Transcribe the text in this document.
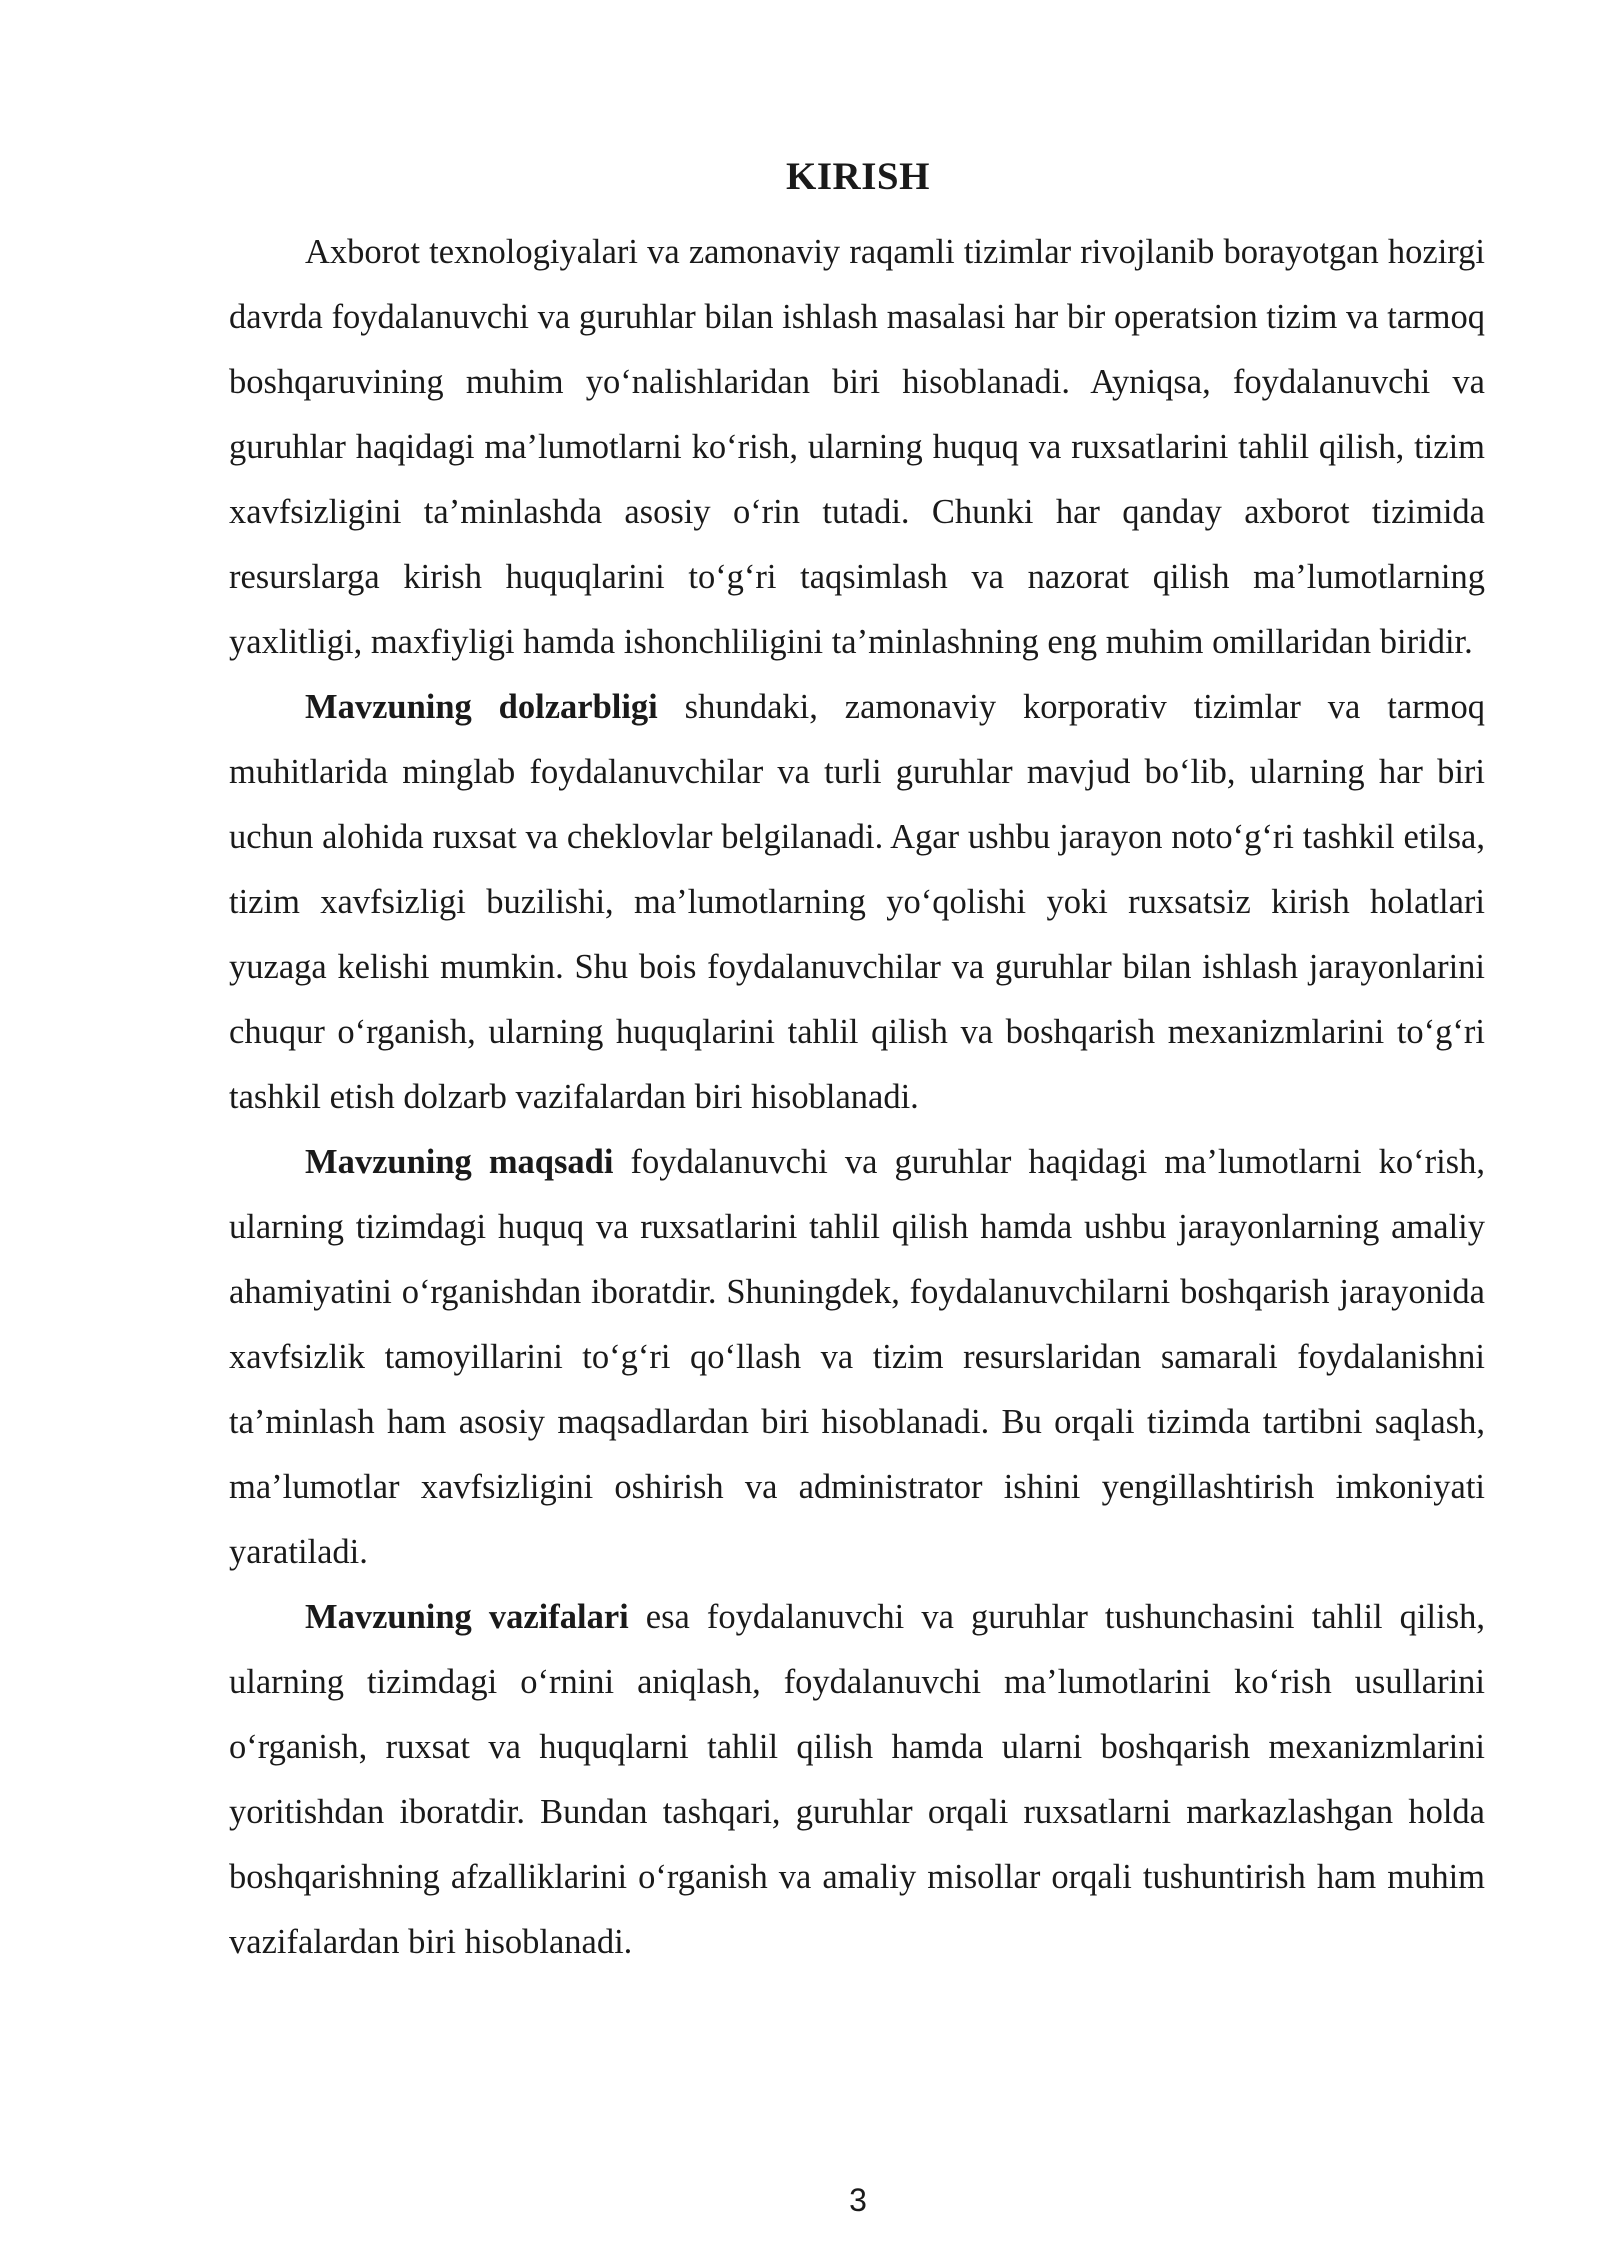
KIRISH

Axborot texnologiyalari va zamonaviy raqamli tizimlar rivojlanib borayotgan hozirgi davrda foydalanuvchi va guruhlar bilan ishlash masalasi har bir operatsion tizim va tarmoq boshqaruvining muhim yo‘nalishlaridan biri hisoblanadi. Ayniqsa, foydalanuvchi va guruhlar haqidagi ma’lumotlarni ko‘rish, ularning huquq va ruxsatlarini tahlil qilish, tizim xavfsizligini ta’minlashda asosiy o‘rin tutadi. Chunki har qanday axborot tizimida resurslarga kirish huquqlarini to‘g‘ri taqsimlash va nazorat qilish ma’lumotlarning yaxlitligi, maxfiyligi hamda ishonchliligini ta’minlashning eng muhim omillaridan biridir.

Mavzuning dolzarbligi shundaki, zamonaviy korporativ tizimlar va tarmoq muhitlarida minglab foydalanuvchilar va turli guruhlar mavjud bo‘lib, ularning har biri uchun alohida ruxsat va cheklovlar belgilanadi. Agar ushbu jarayon noto‘g‘ri tashkil etilsa, tizim xavfsizligi buzilishi, ma’lumotlarning yo‘qolishi yoki ruxsatsiz kirish holatlari yuzaga kelishi mumkin. Shu bois foydalanuvchilar va guruhlar bilan ishlash jarayonlarini chuqur o‘rganish, ularning huquqlarini tahlil qilish va boshqarish mexanizmlarini to‘g‘ri tashkil etish dolzarb vazifalardan biri hisoblanadi.

Mavzuning maqsadi foydalanuvchi va guruhlar haqidagi ma’lumotlarni ko‘rish, ularning tizimdagi huquq va ruxsatlarini tahlil qilish hamda ushbu jarayonlarning amaliy ahamiyatini o‘rganishdan iboratdir. Shuningdek, foydalanuvchilarni boshqarish jarayonida xavfsizlik tamoyillarini to‘g‘ri qo‘llash va tizim resurslaridan samarali foydalanishni ta’minlash ham asosiy maqsadlardan biri hisoblanadi. Bu orqali tizimda tartibni saqlash, ma’lumotlar xavfsizligini oshirish va administrator ishini yengillashtirish imkoniyati yaratiladi.

Mavzuning vazifalari esa foydalanuvchi va guruhlar tushunchasini tahlil qilish, ularning tizimdagi o‘rnini aniqlash, foydalanuvchi ma’lumotlarini ko‘rish usullarini o‘rganish, ruxsat va huquqlarni tahlil qilish hamda ularni boshqarish mexanizmlarini yoritishdan iboratdir. Bundan tashqari, guruhlar orqali ruxsatlarni markazlashgan holda boshqarishning afzalliklarini o‘rganish va amaliy misollar orqali tushuntirish ham muhim vazifalardan biri hisoblanadi.

3
